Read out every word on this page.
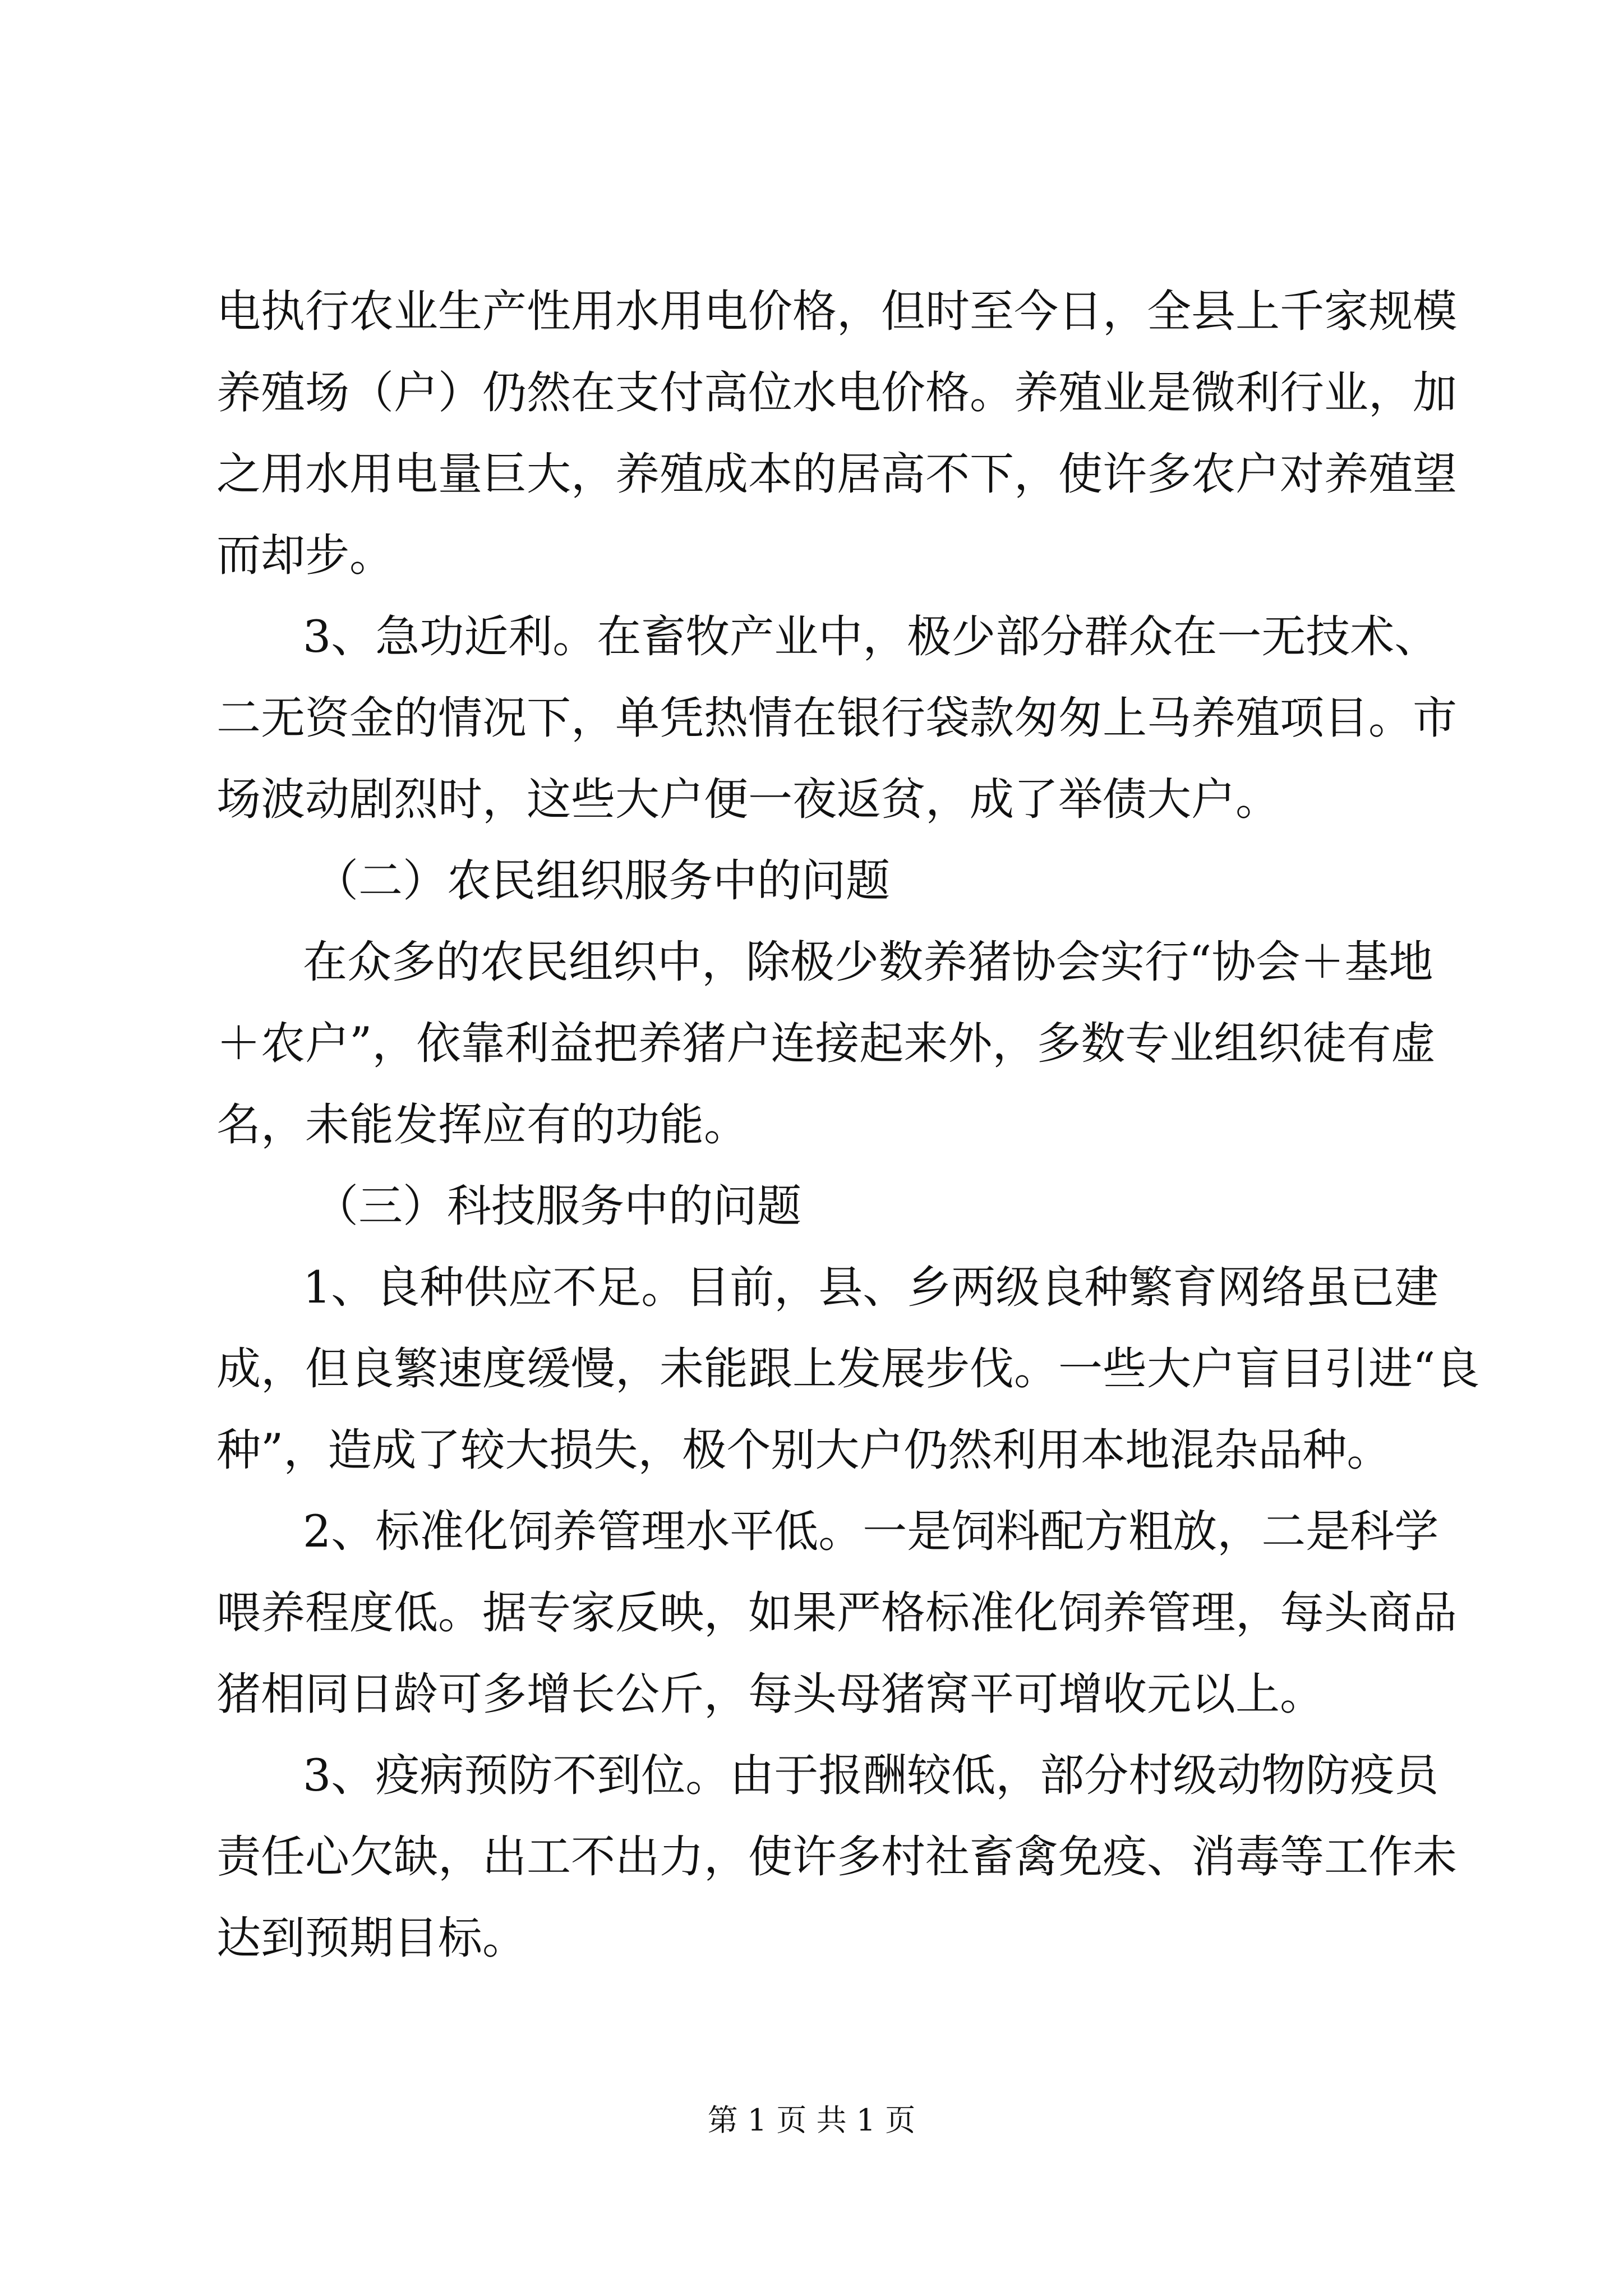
电执行农业生产性用水用电价格，但时至今日，全县上千家规模
养殖场（户）仍然在支付高位水电价格。养殖业是微利行业，加
之用水用电量巨大，养殖成本的居高不下，使许多农户对养殖望
而却步。
3、急功近利。在畜牧产业中，极少部分群众在一无技术、
二无资金的情况下，单凭热情在银行袋款匆匆上马养殖项目。市
场波动剧烈时，这些大户便一夜返贫，成了举债大户。
（二）农民组织服务中的问题
在众多的农民组织中，除极少数养猪协会实行“协会＋基地
＋农户”，依靠利益把养猪户连接起来外，多数专业组织徒有虚
名，未能发挥应有的功能。
（三）科技服务中的问题
1、良种供应不足。目前，县、乡两级良种繁育网络虽已建
成，但良繁速度缓慢，未能跟上发展步伐。一些大户盲目引进“良
种”，造成了较大损失，极个别大户仍然利用本地混杂品种。
2、标准化饲养管理水平低。一是饲料配方粗放，二是科学
喂养程度低。据专家反映，如果严格标准化饲养管理，每头商品
猪相同日龄可多增长公斤，每头母猪窝平可增收元以上。
3、疫病预防不到位。由于报酬较低，部分村级动物防疫员
责任心欠缺，出工不出力，使许多村社畜禽免疫、消毒等工作未
达到预期目标。
第 1 页 共 1 页
